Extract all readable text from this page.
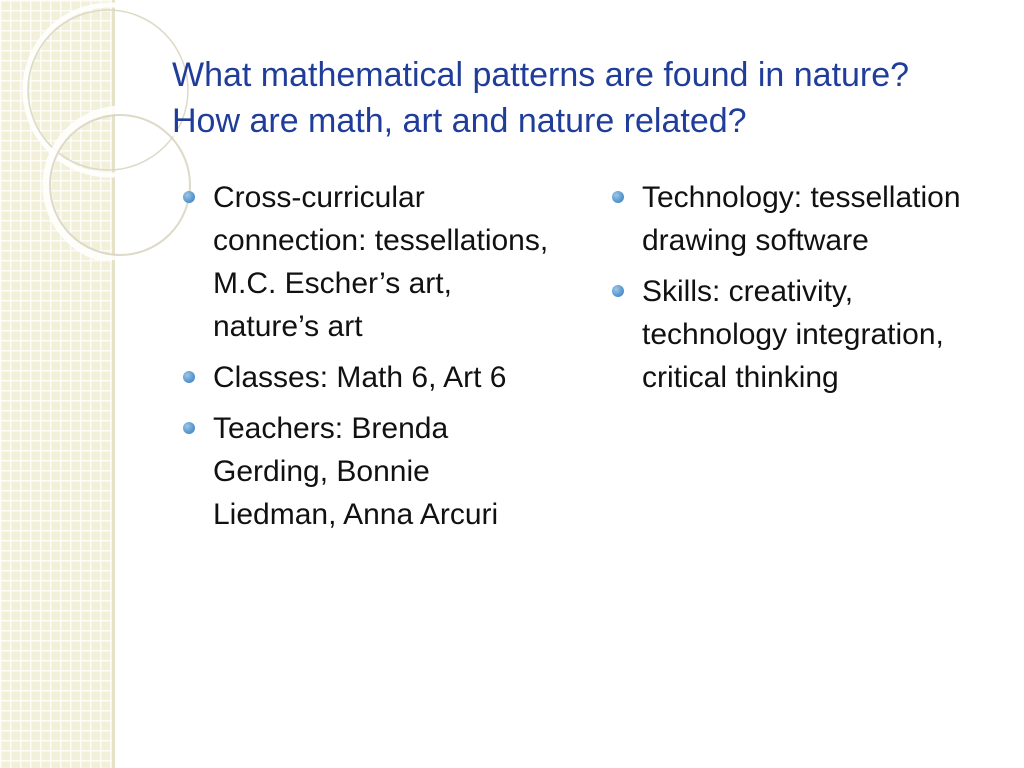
What mathematical patterns are found in nature? How are math, art and nature related?
Cross-curricular connection: tessellations, M.C. Escher’s art, nature’s art
Classes: Math 6, Art 6
Teachers: Brenda Gerding, Bonnie Liedman, Anna Arcuri
Technology: tessellation drawing software
Skills: creativity, technology integration, critical thinking
